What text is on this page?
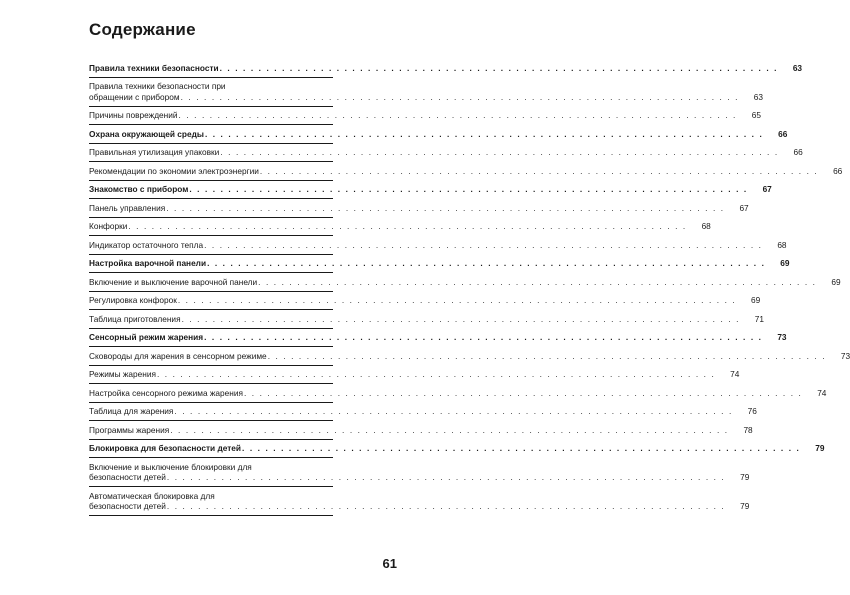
Содержание
Правила техники безопасности . . . . . . . . . . . . . . . . . . . . . . . . . . . . . . . . . . . . . . . . . . . . . . . . . . . . . . . . . . . . . . . . . . . . . . . .	63
Правила техники безопасности при
обращении с прибором . . . . . . . . . . . . . . . . . . . . . . . . . . . . . . . . . . . . . . . . . . . . . . . . . . . . . . . . . . . . . . . . . . . . . . . .	63
Причины повреждений . . . . . . . . . . . . . . . . . . . . . . . . . . . . . . . . . . . . . . . . . . . . . . . . . . . . . . . . . . . . . . . . . . . . . . . .	65
Охрана окружающей среды . . . . . . . . . . . . . . . . . . . . . . . . . . . . . . . . . . . . . . . . . . . . . . . . . . . . . . . . . . . . . . . . . . . . . . . .	66
Правильная утилизация упаковки . . . . . . . . . . . . . . . . . . . . . . . . . . . . . . . . . . . . . . . . . . . . . . . . . . . . . . . . . . . . . . . . . . . . . . . .	66
Рекомендации по экономии электроэнергии . . . . . . . . . . . . . . . . . . . . . . . . . . . . . . . . . . . . . . . . . . . . . . . . . . . . . . . . . . . . . . . . . . . . . . . .	66
Знакомство с прибором . . . . . . . . . . . . . . . . . . . . . . . . . . . . . . . . . . . . . . . . . . . . . . . . . . . . . . . . . . . . . . . . . . . . . . . .	67
Панель управления . . . . . . . . . . . . . . . . . . . . . . . . . . . . . . . . . . . . . . . . . . . . . . . . . . . . . . . . . . . . . . . . . . . . . . . .	67
Конфорки . . . . . . . . . . . . . . . . . . . . . . . . . . . . . . . . . . . . . . . . . . . . . . . . . . . . . . . . . . . . . . . . . . . . . . . .	68
Индикатор остаточного тепла . . . . . . . . . . . . . . . . . . . . . . . . . . . . . . . . . . . . . . . . . . . . . . . . . . . . . . . . . . . . . . . . . . . . . . . .	68
Настройка варочной панели . . . . . . . . . . . . . . . . . . . . . . . . . . . . . . . . . . . . . . . . . . . . . . . . . . . . . . . . . . . . . . . . . . . . . . . .	69
Включение и выключение варочной панели . . . . . . . . . . . . . . . . . . . . . . . . . . . . . . . . . . . . . . . . . . . . . . . . . . . . . . . . . . . . . . . . . . . . . . . .	69
Регулировка конфорок . . . . . . . . . . . . . . . . . . . . . . . . . . . . . . . . . . . . . . . . . . . . . . . . . . . . . . . . . . . . . . . . . . . . . . . .	69
Таблица приготовления . . . . . . . . . . . . . . . . . . . . . . . . . . . . . . . . . . . . . . . . . . . . . . . . . . . . . . . . . . . . . . . . . . . . . . . .	71
Сенсорный режим жарения . . . . . . . . . . . . . . . . . . . . . . . . . . . . . . . . . . . . . . . . . . . . . . . . . . . . . . . . . . . . . . . . . . . . . . . .	73
Сковороды для жарения в сенсорном режиме . . . . . . . . . . . . . . . . . . . . . . . . . . . . . . . . . . . . . . . . . . . . . . . . . . . . . . . . . . . . . . . . . . . . . . . .	73
Режимы жарения . . . . . . . . . . . . . . . . . . . . . . . . . . . . . . . . . . . . . . . . . . . . . . . . . . . . . . . . . . . . . . . . . . . . . . . .	74
Настройка сенсорного режима жарения . . . . . . . . . . . . . . . . . . . . . . . . . . . . . . . . . . . . . . . . . . . . . . . . . . . . . . . . . . . . . . . . . . . . . . . .	74
Таблица для жарения . . . . . . . . . . . . . . . . . . . . . . . . . . . . . . . . . . . . . . . . . . . . . . . . . . . . . . . . . . . . . . . . . . . . . . . .	76
Программы жарения . . . . . . . . . . . . . . . . . . . . . . . . . . . . . . . . . . . . . . . . . . . . . . . . . . . . . . . . . . . . . . . . . . . . . . . .	78
Блокировка для безопасности детей . . . . . . . . . . . . . . . . . . . . . . . . . . . . . . . . . . . . . . . . . . . . . . . . . . . . . . . . . . . . . . . . . . . . . . . .	79
Включение и выключение блокировки для
безопасности детей . . . . . . . . . . . . . . . . . . . . . . . . . . . . . . . . . . . . . . . . . . . . . . . . . . . . . . . . . . . . . . . . . . . . . . . .	79
Автоматическая блокировка для
безопасности детей . . . . . . . . . . . . . . . . . . . . . . . . . . . . . . . . . . . . . . . . . . . . . . . . . . . . . . . . . . . . . . . . . . . . . . . .	79
61
